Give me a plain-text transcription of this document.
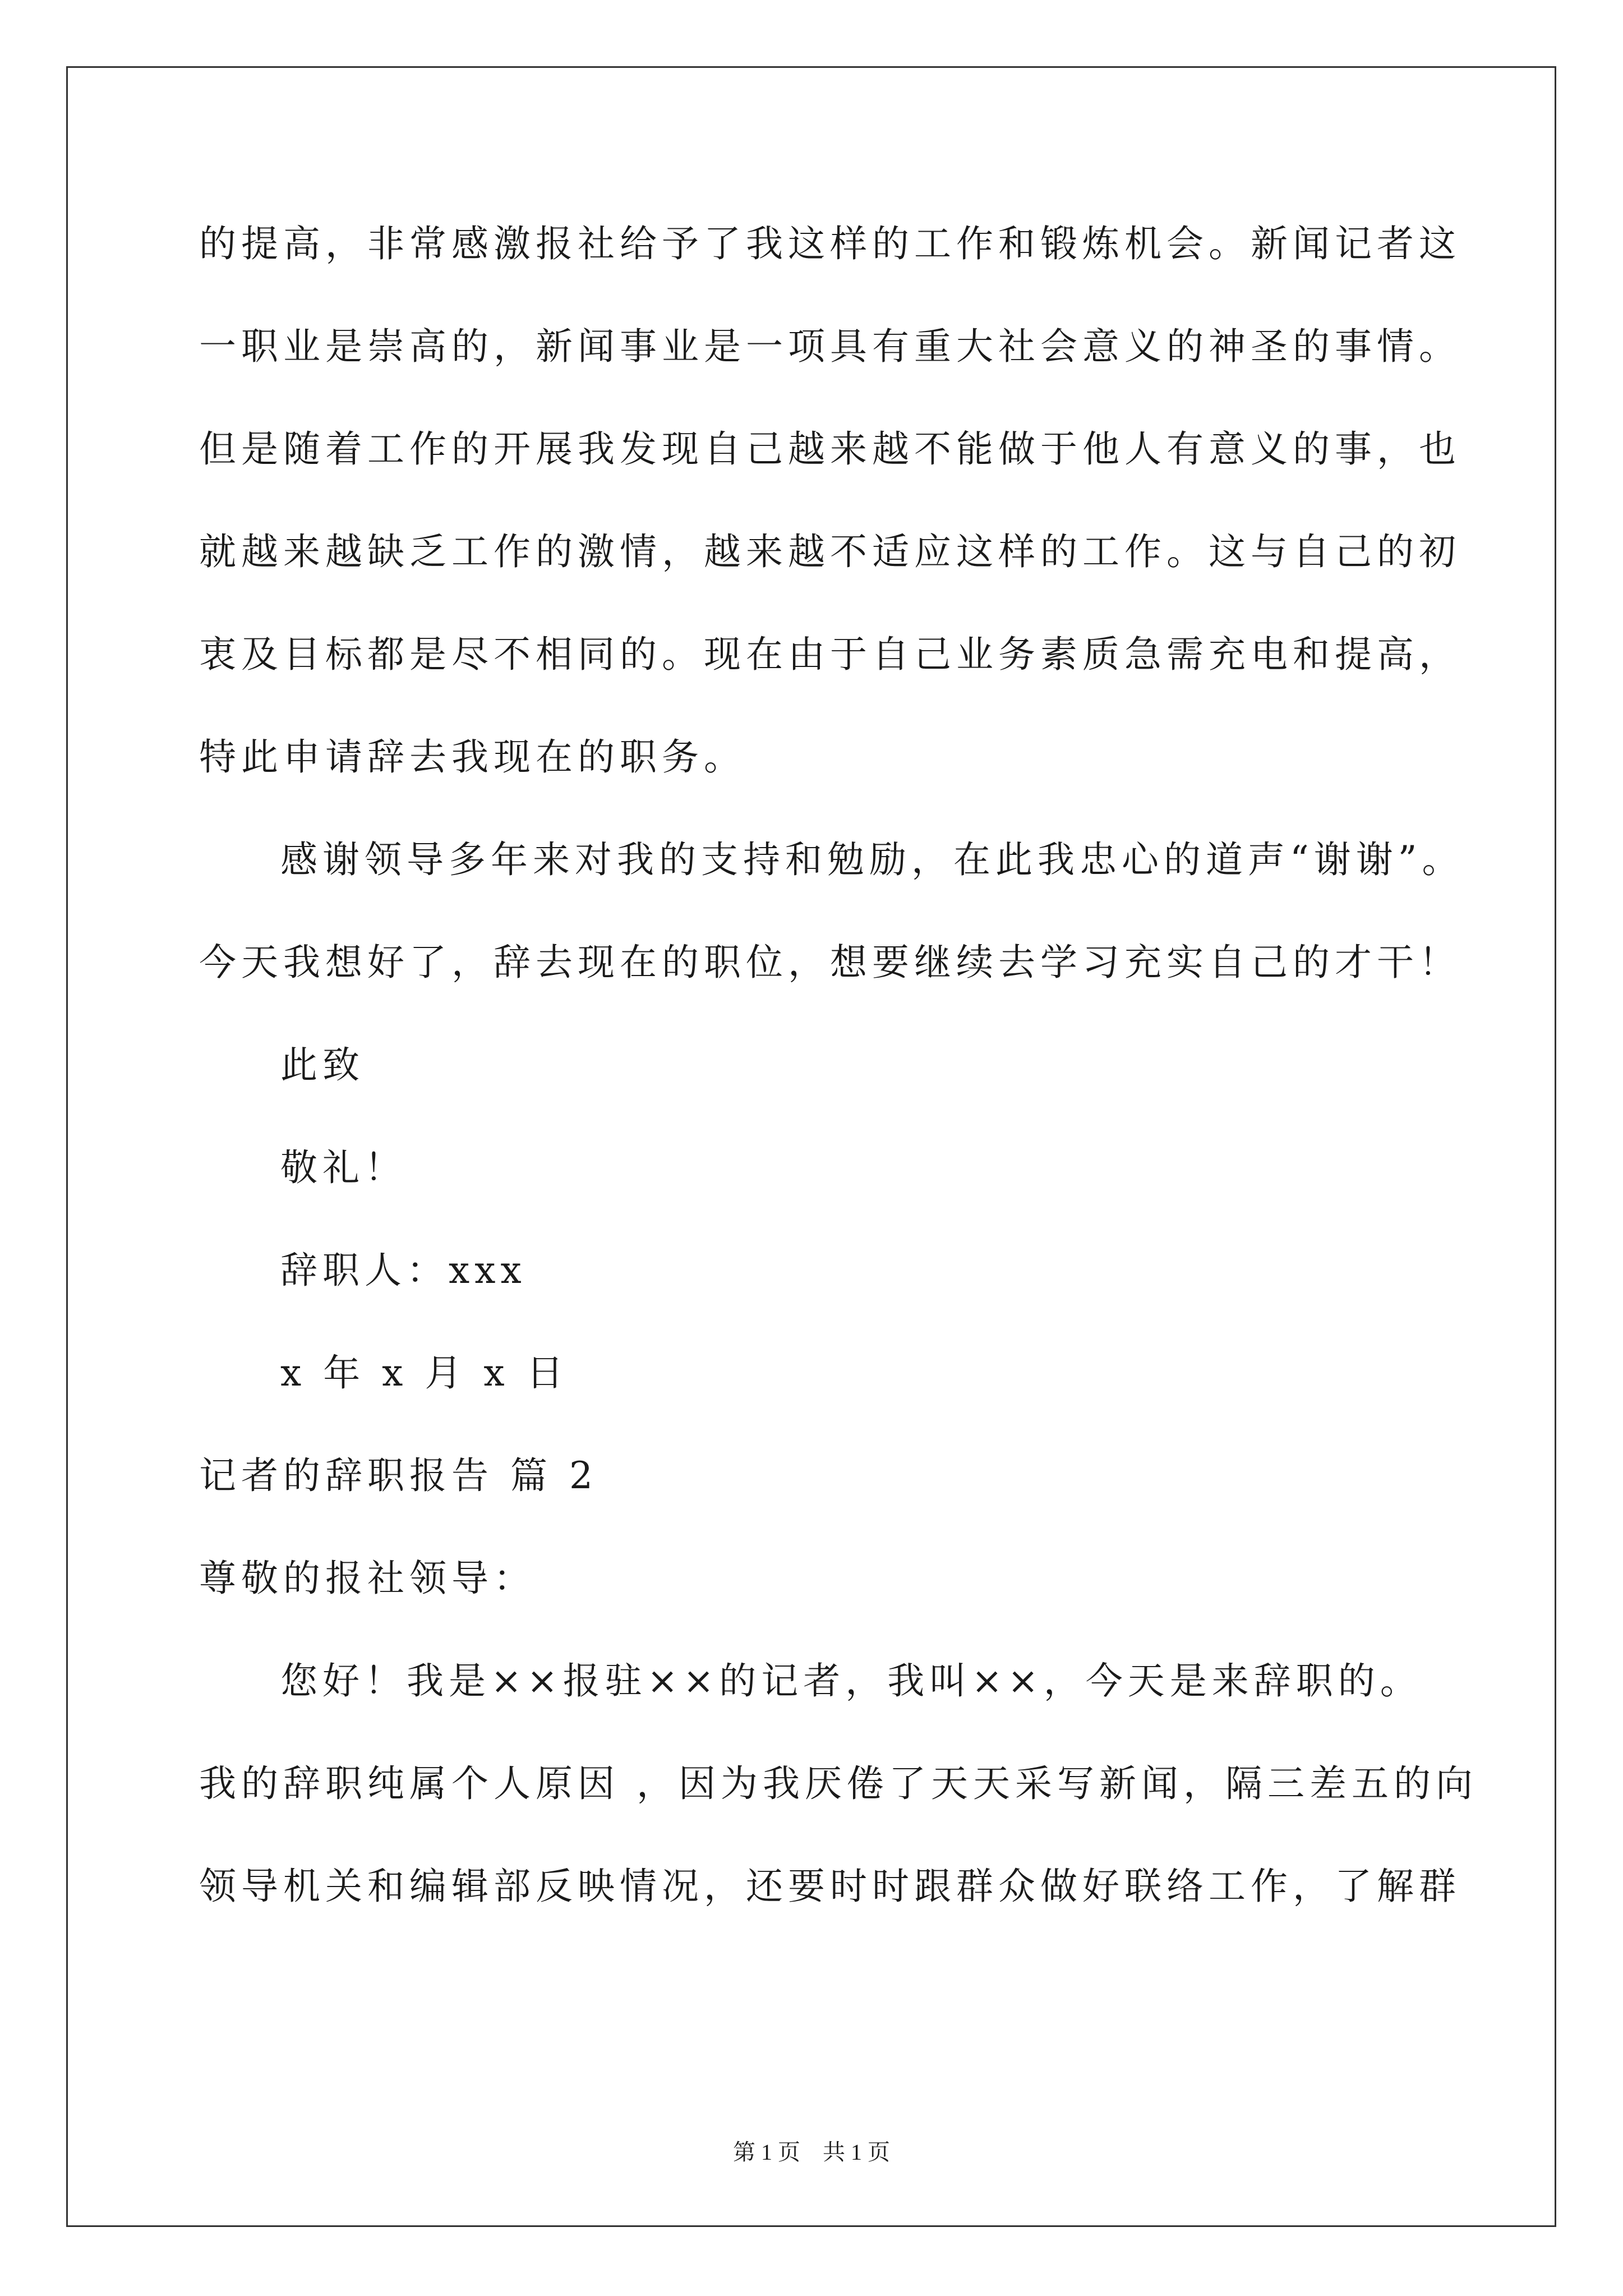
的提高，非常感激报社给予了我这样的工作和锻炼机会。新闻记者这
一职业是崇高的，新闻事业是一项具有重大社会意义的神圣的事情。
但是随着工作的开展我发现自己越来越不能做于他人有意义的事，也
就越来越缺乏工作的激情，越来越不适应这样的工作。这与自己的初
衷及目标都是尽不相同的。现在由于自己业务素质急需充电和提高，
特此申请辞去我现在的职务。
感谢领导多年来对我的支持和勉励，在此我忠心的道声“谢谢”。
今天我想好了，辞去现在的职位，想要继续去学习充实自己的才干！
此致
敬礼！
辞职人：xxx
x 年 x 月 x 日
记者的辞职报告 篇 2
尊敬的报社领导：
您好！我是××报驻××的记者，我叫××，今天是来辞职的。
我的辞职纯属个人原因 ，因为我厌倦了天天采写新闻，隔三差五的向
领导机关和编辑部反映情况，还要时时跟群众做好联络工作，了解群
第 1 页    共 1 页
